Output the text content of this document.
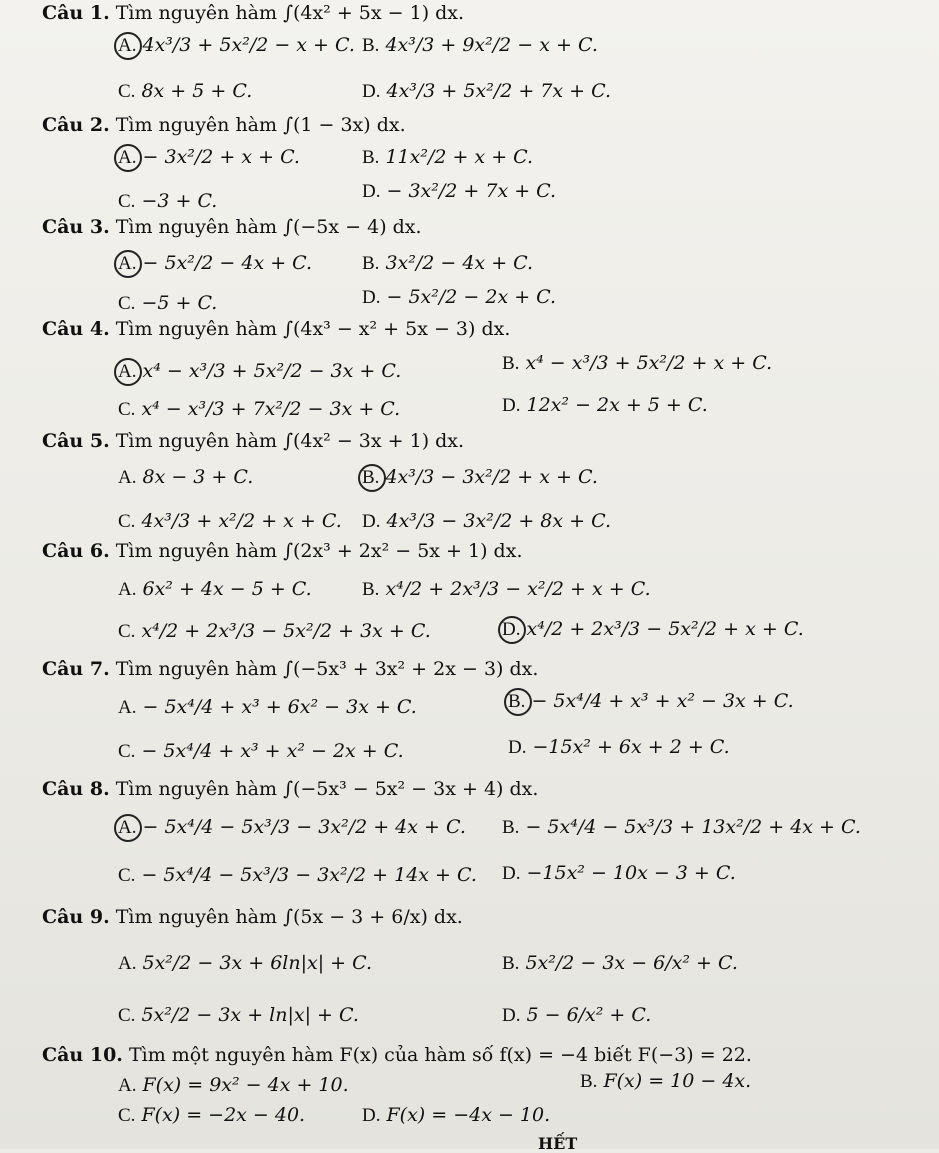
Câu 1. Tìm nguyên hàm ∫(4x² + 5x − 1) dx.
A. 4x³/3 + 5x²/2 − x + C. B. 4x³/3 + 9x²/2 − x + C.
C. 8x + 5 + C.	D. 4x³/3 + 5x²/2 + 7x + C.
Câu 2. Tìm nguyên hàm ∫(1 − 3x) dx.
A. − 3x²/2 + x + C.	B. 11x²/2 + x + C.
C. −3 + C.	D. − 3x²/2 + 7x + C.
Câu 3. Tìm nguyên hàm ∫(−5x − 4) dx.
A. − 5x²/2 − 4x + C.	B. 3x²/2 − 4x + C.
C. −5 + C.	D. − 5x²/2 − 2x + C.
Câu 4. Tìm nguyên hàm ∫(4x³ − x² + 5x − 3) dx.
A. x⁴ − x³/3 + 5x²/2 − 3x + C.	B. x⁴ − x³/3 + 5x²/2 + x + C.
C. x⁴ − x³/3 + 7x²/2 − 3x + C.	D. 12x² − 2x + 5 + C.
Câu 5. Tìm nguyên hàm ∫(4x² − 3x + 1) dx.
A. 8x − 3 + C.	B. 4x³/3 − 3x²/2 + x + C.
C. 4x³/3 + x²/2 + x + C. D. 4x³/3 − 3x²/2 + 8x + C.
Câu 6. Tìm nguyên hàm ∫(2x³ + 2x² − 5x + 1) dx.
A. 6x² + 4x − 5 + C.	B. x⁴/2 + 2x³/3 − x²/2 + x + C.
C. x⁴/2 + 2x³/3 − 5x²/2 + 3x + C.	D. x⁴/2 + 2x³/3 − 5x²/2 + x + C.
Câu 7. Tìm nguyên hàm ∫(−5x³ + 3x² + 2x − 3) dx.
A. − 5x⁴/4 + x³ + 6x² − 3x + C.	B. − 5x⁴/4 + x³ + x² − 3x + C.
C. − 5x⁴/4 + x³ + x² − 2x + C.	D. −15x² + 6x + 2 + C.
Câu 8. Tìm nguyên hàm ∫(−5x³ − 5x² − 3x + 4) dx.
A. − 5x⁴/4 − 5x³/3 − 3x²/2 + 4x + C. B. − 5x⁴/4 − 5x³/3 + 13x²/2 + 4x + C.
C. − 5x⁴/4 − 5x³/3 − 3x²/2 + 14x + C. D. −15x² − 10x − 3 + C.
Câu 9. Tìm nguyên hàm ∫(5x − 3 + 6/x) dx.
A. 5x²/2 − 3x + 6ln|x| + C.	B. 5x²/2 − 3x − 6/x² + C.
C. 5x²/2 − 3x + ln|x| + C.	D. 5 − 6/x² + C.
Câu 10. Tìm một nguyên hàm F(x) của hàm số f(x) = −4 biết F(−3) = 22.
A. F(x) = 9x² − 4x + 10.	B. F(x) = 10 − 4x.
C. F(x) = −2x − 40.	D. F(x) = −4x − 10.
HẾT
